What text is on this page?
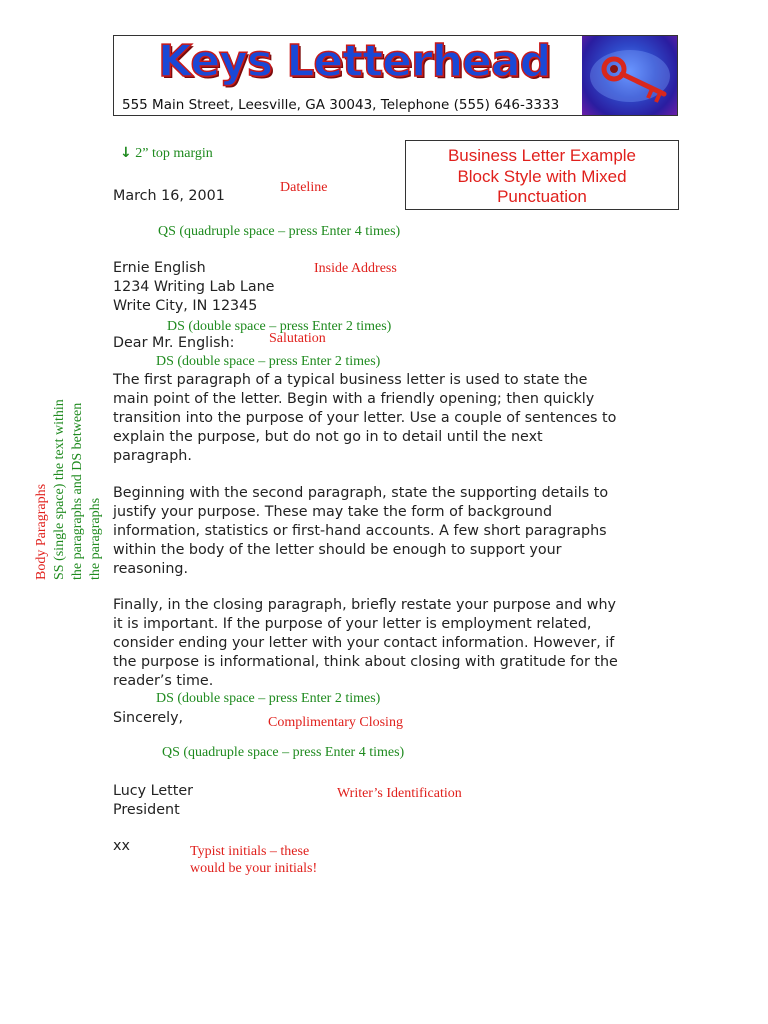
Keys Letterhead
555 Main Street, Leesville, GA 30043, Telephone (555) 646-3333
Business Letter Example
Block Style with Mixed
Punctuation
↓ 2” top margin
March 16, 2001
Dateline
QS (quadruple space – press Enter 4 times)
Ernie English
1234 Writing Lab Lane
Write City, IN 12345
Inside Address
DS (double space – press Enter 2 times)
Dear Mr. English: Salutation
DS (double space – press Enter 2 times)
The first paragraph of a typical business letter is used to state the
main point of the letter. Begin with a friendly opening; then quickly
transition into the purpose of your letter. Use a couple of sentences to
explain the purpose, but do not go in to detail until the next
paragraph.
Beginning with the second paragraph, state the supporting details to
justify your purpose. These may take the form of background
information, statistics or first-hand accounts. A few short paragraphs
within the body of the letter should be enough to support your
reasoning.
Finally, in the closing paragraph, briefly restate your purpose and why
it is important. If the purpose of your letter is employment related,
consider ending your letter with your contact information. However, if
the purpose is informational, think about closing with gratitude for the
reader’s time.
DS (double space – press Enter 2 times)
Sincerely,	Complimentary Closing
QS (quadruple space – press Enter 4 times)
Lucy Letter
President
Writer’s Identification
xx	Typist initials – these
would be your initials!
Body Paragraphs SS (single space) the text within the paragraphs and DS between the paragraphs
